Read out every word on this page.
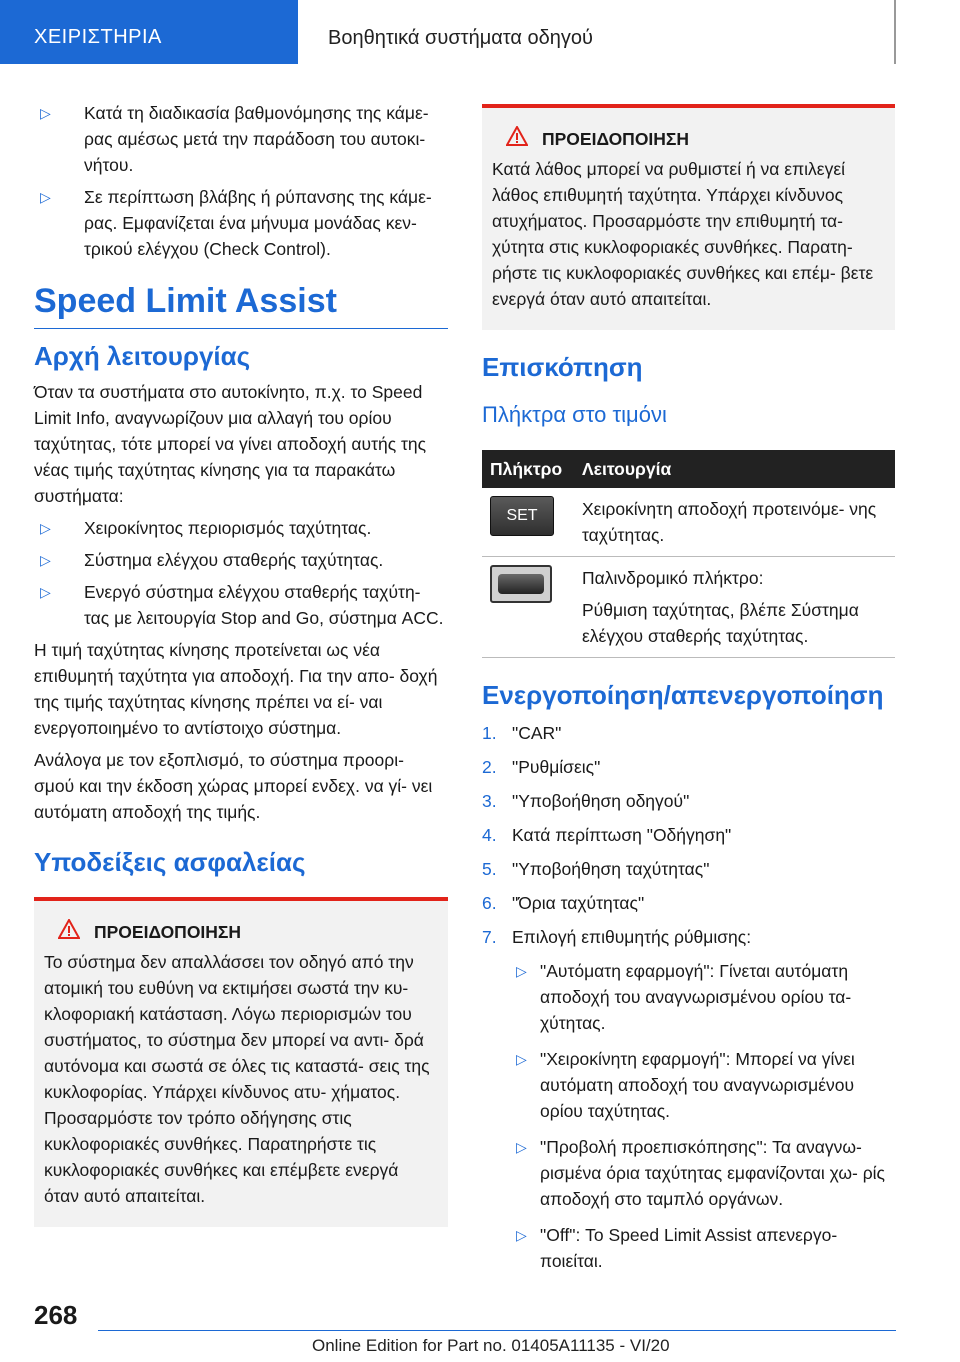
ΧΕΙΡΙΣΤΗΡΙΑ	Βοηθητικά συστήματα οδηγού
▷ Κατά τη διαδικασία βαθμονόμησης της κάμε- ρας αμέσως μετά την παράδοση του αυτοκι- νήτου.
▷ Σε περίπτωση βλάβης ή ρύπανσης της κάμε- ρας. Εμφανίζεται ένα μήνυμα μονάδας κεν- τρικού ελέγχου (Check Control).
Speed Limit Assist
Αρχή λειτουργίας

Όταν τα συστήματα στο αυτοκίνητο, π.χ. το Speed Limit Info, αναγνωρίζουν μια αλλαγή του ορίου ταχύτητας, τότε μπορεί να γίνει αποδοχή αυτής της νέας τιμής ταχύτητας κίνησης για τα παρακάτω συστήματα:

▷ Χειροκίνητος περιορισμός ταχύτητας.
▷ Σύστημα ελέγχου σταθερής ταχύτητας.
▷ Ενεργό σύστημα ελέγχου σταθερής ταχύτη- τας με λειτουργία Stop and Go, σύστημα ACC.

Η τιμή ταχύτητας κίνησης προτείνεται ως νέα επιθυμητή ταχύτητα για αποδοχή. Για την απο- δοχή της τιμής ταχύτητας κίνησης πρέπει να εί- ναι ενεργοποιημένο το αντίστοιχο σύστημα.

Ανάλογα με τον εξοπλισμό, το σύστημα προορι- σμού και την έκδοση χώρας μπορεί ενδεχ. να γί- νει αυτόματη αποδοχή της τιμής.

Υποδείξεις ασφαλείας
ΠΡΟΕΙΔΟΠΟΙΗΣΗ
Το σύστημα δεν απαλλάσσει τον οδηγό από την ατομική του ευθύνη να εκτιμήσει σωστά την κυ- κλοφοριακή κατάσταση. Λόγω περιορισμών του συστήματος, το σύστημα δεν μπορεί να αντι- δρά αυτόνομα και σωστά σε όλες τις καταστά- σεις της κυκλοφορίας. Υπάρχει κίνδυνος ατυ- χήματος. Προσαρμόστε τον τρόπο οδήγησης στις κυκλοφοριακές συνθήκες. Παρατηρήστε τις κυκλοφοριακές συνθήκες και επέμβετε ενεργά όταν αυτό απαιτείται.
ΠΡΟΕΙΔΟΠΟΙΗΣΗ
Κατά λάθος μπορεί να ρυθμιστεί ή να επιλεγεί λάθος επιθυμητή ταχύτητα. Υπάρχει κίνδυνος ατυχήματος. Προσαρμόστε την επιθυμητή τα- χύτητα στις κυκλοφοριακές συνθήκες. Παρατη- ρήστε τις κυκλοφοριακές συνθήκες και επέμ- βετε ενεργά όταν αυτό απαιτείται.
Επισκόπηση
Πλήκτρα στο τιμόνι
Πλήκτρο	Λειτουργία

SET	Χειροκίνητη αποδοχή προτεινόμε- νης ταχύτητας.

	Παλινδρομικό πλήκτρο:
Ρύθμιση ταχύτητας, βλέπε Σύστημα ελέγχου σταθερής ταχύτητας.
Ενεργοποίηση/απενεργοποίηση
1. "CAR"
2. "Ρυθμίσεις"
3. "Υποβοήθηση οδηγού"
4. Κατά περίπτωση "Οδήγηση"
5. "Υποβοήθηση ταχύτητας"
6. "Όρια ταχύτητας"
7. Επιλογή επιθυμητής ρύθμισης:
▷ "Αυτόματη εφαρμογή": Γίνεται αυτόματη αποδοχή του αναγνωρισμένου ορίου τα- χύτητας.
▷ "Χειροκίνητη εφαρμογή": Μπορεί να γίνει αυτόματη αποδοχή του αναγνωρισμένου ορίου ταχύτητας.
▷ "Προβολή προεπισκόπησης": Τα αναγνω- ρισμένα όρια ταχύτητας εμφανίζονται χω- ρίς αποδοχή στο ταμπλό οργάνων.
▷ "Off": Το Speed Limit Assist απενεργο- ποιείται.
268
Online Edition for Part no. 01405A11135 - VI/20
